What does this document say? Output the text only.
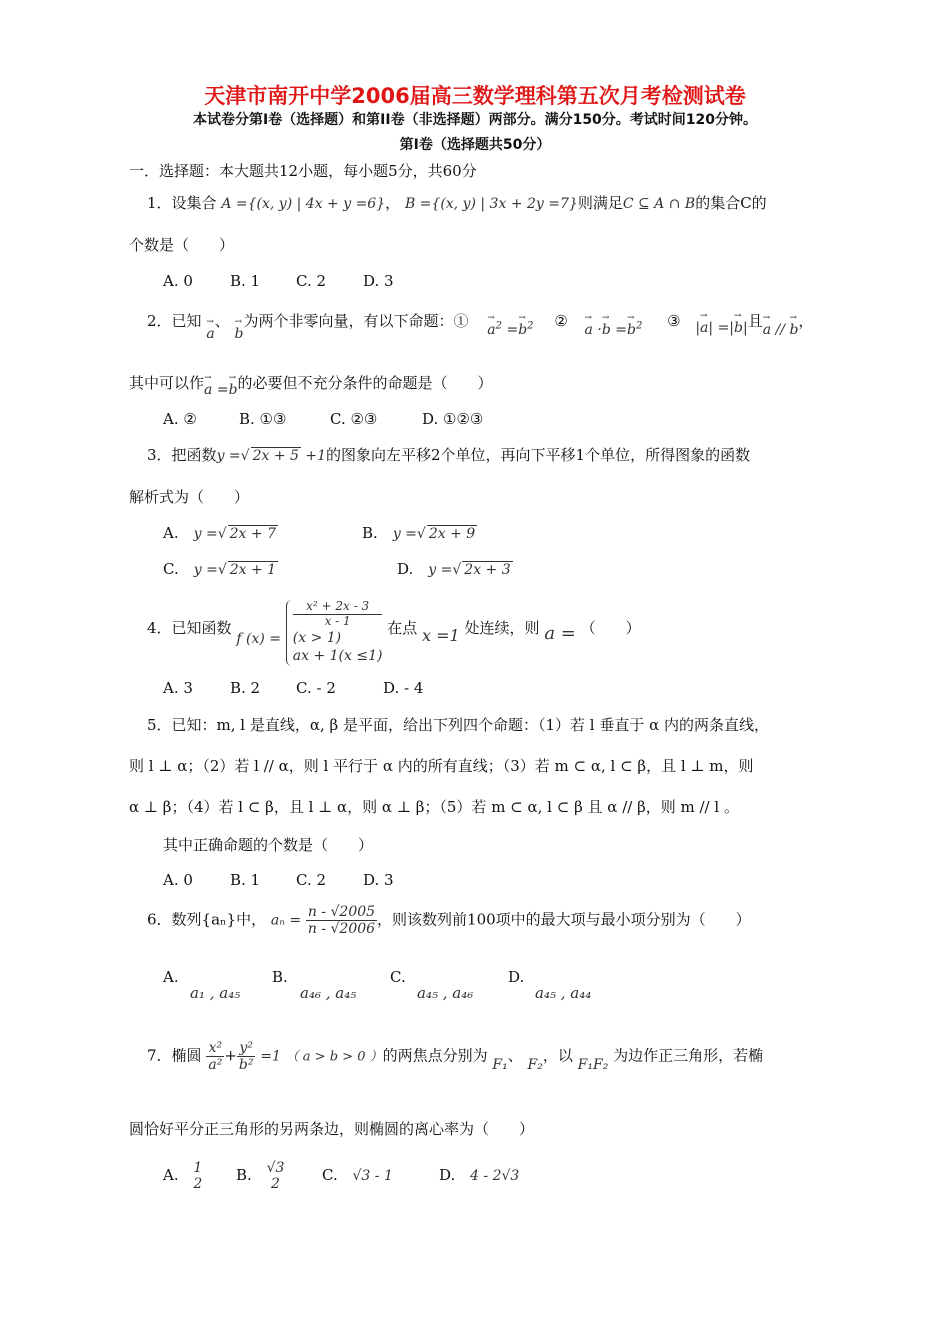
天津市南开中学2006届高三数学理科第五次月考检测试卷
本试卷分第I卷（选择题）和第II卷（非选择题）两部分。满分150分。考试时间120分钟。
第I卷（选择题共50分）
一．选择题：本大题共12小题，每小题5分，共60分
1．设集合 A ={(x, y) | 4x + y =6}， B ={(x, y) | 3x + 2y =7}则满足C ⊆ A ∩ B的集合C的
个数是（　　）
A. 0 B. 1 C. 2 D. 3
2．已知 → a、 → b为两个非零向量，有以下命题：① → $a^2 =\to b^2$ ② → $a \cdot\to b =\to b^2$ ③ |→ a| =|→ b|且→ a // → b，
其中可以作→ a =→ b的必要但不充分条件的命题是（　　）
A. ②	B. ①③	C. ②③	D. ①②③
3．把函数y =√ 2x + 5 +1的图象向左平移2个单位，再向下平移1个单位，所得图象的函数
解析式为（　　）
A.　 y =√ 2x + 7	B.　 y =√ 2x + 9
C.　 y =√ 2x + 1	D.　 y =√ 2x + 3
4．已知函数 f (x) =
x² + 2x - 3
x - 1
(x > 1)
ax + 1(x ≤1)
在点 x =1 处连续，则 a = （　　）
A. 3 B. 2 C. - 2	D. - 4
5．已知：m, l 是直线，α, β 是平面，给出下列四个命题：（1）若 l 垂直于 α 内的两条直线，
则 l ⊥ α；（2）若 l // α，则 l 平行于 α 内的所有直线；（3）若 m ⊂ α, l ⊂ β，且 l ⊥ m，则
α ⊥ β；（4）若 l ⊂ β，且 l ⊥ α，则 α ⊥ β；（5）若 m ⊂ α, l ⊂ β 且 α // β，则 m // l 。
其中正确命题的个数是（　　）
A. 0 B. 1 C. 2 D. 3
6．数列{aₙ}中， $a_n = \frac{n - √2005}{n - √2006}$ ，则该数列前100项中的最大项与最小项分别为（　　）
A.
a₁ , a₄₅
B.
a₄₆ , a₄₅
C.
a₄₅ , a₄₆
D.
a₄₅ , a₄₄
7．椭圆 $\frac{\text{x²}}{\text{a²}} + \frac{\text{y²}}{\text{b²}} =1$ （ a > b > 0 ）的两焦点分别为 F₁、 F₂，以 F₁F₂ 为边作正三角形，若椭
圆恰好平分正三角形的另两条边，则椭圆的离心率为（　　）
A. 1
2 B. √3
2
C. √3 - 1	D. 4 - 2√3
